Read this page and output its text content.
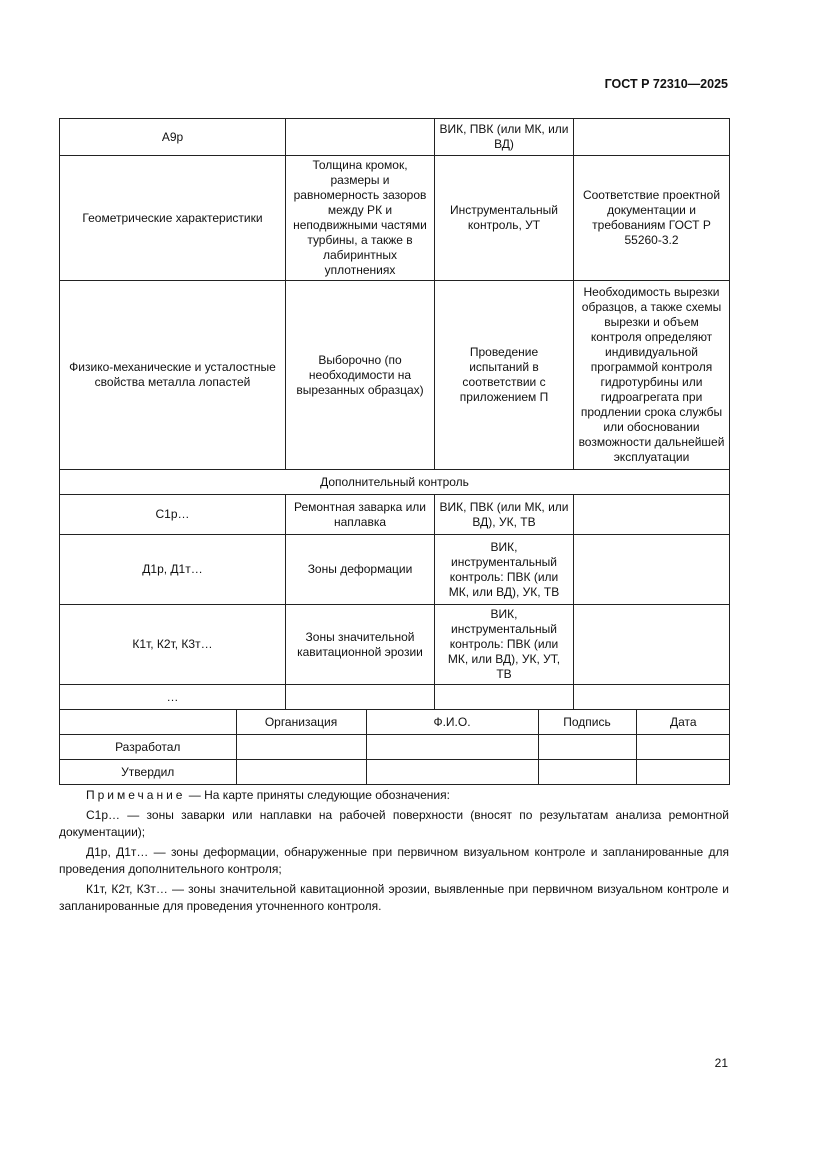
ГОСТ Р 72310—2025
А9р		ВИК, ПВК (или МК, или ВД)	
Геометрические характеристики	Толщина кромок, размеры и равномерность зазоров между РК и неподвижными частями турбины, а также в лабиринтных уплотнениях	Инструментальный контроль, УТ	Соответствие проектной документации и требованиям ГОСТ Р 55260-3.2
Физико-механические и усталостные свойства металла лопастей	Выборочно (по необходимости на вырезанных образцах)	Проведение испытаний в соответствии с приложением П	Необходимость вырезки образцов, а также схемы вырезки и объем контроля определяют индивидуальной программой контроля гидротурбины или гидроагрегата при продлении срока службы или обосновании возможности дальнейшей эксплуатации
Дополнительный контроль
С1р…	Ремонтная заварка или наплавка	ВИК, ПВК (или МК, или ВД), УК, ТВ	
Д1р, Д1т…	Зоны деформации	ВИК, инструментальный контроль: ПВК (или МК, или ВД), УК, ТВ	
К1т, К2т, К3т…	Зоны значительной кавитационной эрозии	ВИК, инструментальный контроль: ПВК (или МК, или ВД), УК, УТ, ТВ	
…			

	Организация	Ф.И.О.	Подпись	Дата
Разработал				
Утвердил				

Примечание — На карте приняты следующие обозначения:

С1р… — зоны заварки или наплавки на рабочей поверхности (вносят по результатам анализа ремонтной документации);

Д1р, Д1т… — зоны деформации, обнаруженные при первичном визуальном контроле и запланированные для проведения дополнительного контроля;

К1т, К2т, К3т… — зоны значительной кавитационной эрозии, выявленные при первичном визуальном контроле и запланированные для проведения уточненного контроля.

21
